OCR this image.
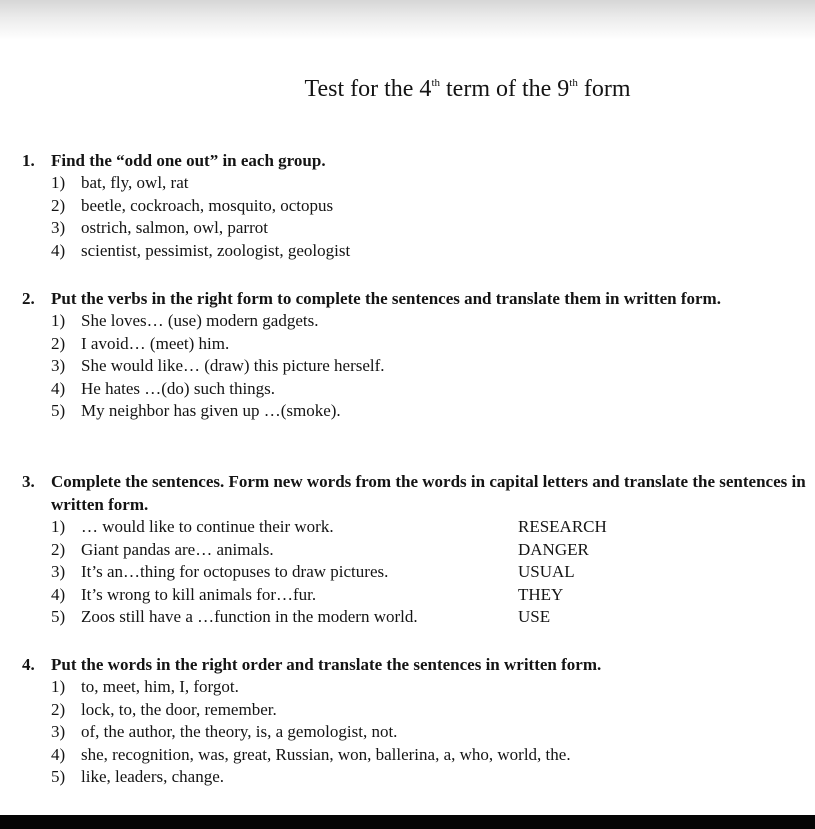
Test for the 4th term of the 9th form
1. Find the “odd one out” in each group.
1) bat, fly, owl, rat
2) beetle, cockroach, mosquito, octopus
3) ostrich, salmon, owl, parrot
4) scientist, pessimist, zoologist, geologist
2. Put the verbs in the right form to complete the sentences and translate them in written form.
1) She loves… (use) modern gadgets.
2) I avoid… (meet) him.
3) She would like… (draw) this picture herself.
4) He hates …(do) such things.
5) My neighbor has given up …(smoke).
3. Complete the sentences. Form new words from the words in capital letters and translate the sentences in written form.
1) … would like to continue their work.	RESEARCH
2) Giant pandas are… animals.	DANGER
3) It’s an…thing for octopuses to draw pictures.	USUAL
4) It’s wrong to kill animals for…fur.	THEY
5) Zoos still have a …function in the modern world.	USE
4. Put the words in the right order and translate the sentences in written form.
1) to, meet, him, I, forgot.
2) lock, to, the door, remember.
3) of, the author, the theory, is, a gemologist, not.
4) she, recognition, was, great, Russian, won, ballerina, a, who, world, the.
5) like, leaders, change.
